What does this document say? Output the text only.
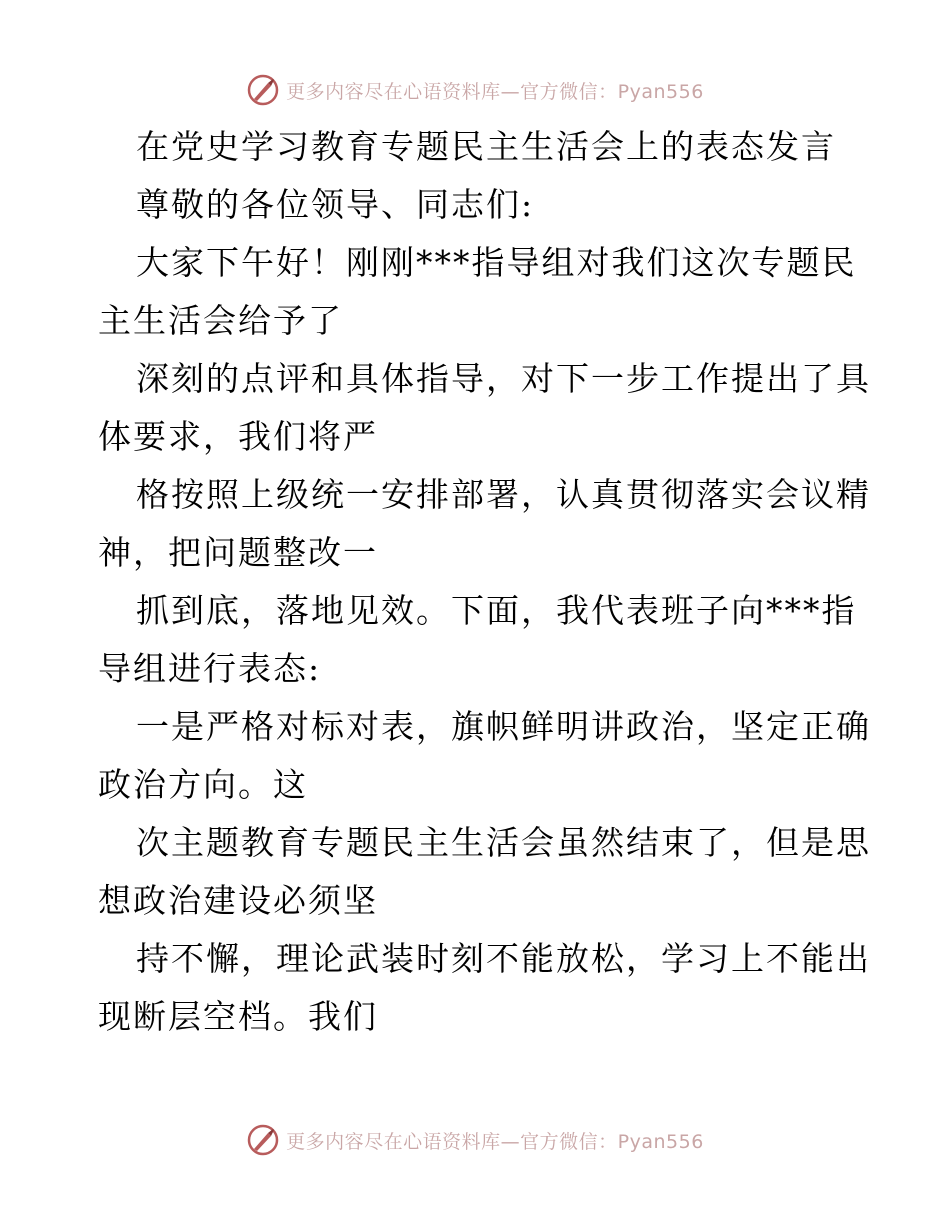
更多内容尽在心语资料库—官方微信：Pyan556
在党史学习教育专题民主生活会上的表态发言
尊敬的各位领导、同志们:
大家下午好！刚刚***指导组对我们这次专题民
主生活会给予了
深刻的点评和具体指导，对下一步工作提出了具
体要求，我们将严
格按照上级统一安排部署，认真贯彻落实会议精
神，把问题整改一
抓到底，落地见效。下面，我代表班子向***指
导组进行表态:
一是严格对标对表，旗帜鲜明讲政治，坚定正确
政治方向。这
次主题教育专题民主生活会虽然结束了，但是思
想政治建设必须坚
持不懈，理论武装时刻不能放松，学习上不能出
现断层空档。我们
更多内容尽在心语资料库—官方微信：Pyan556
